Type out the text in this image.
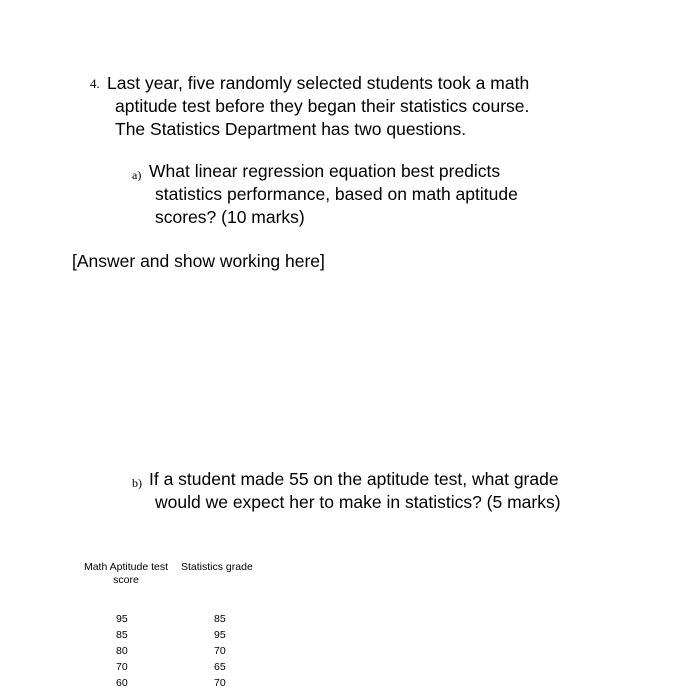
4. Last year, five randomly selected students took a math
aptitude test before they began their statistics course.
The Statistics Department has two questions.
a) What linear regression equation best predicts
statistics performance, based on math aptitude
scores? (10 marks)
[Answer and show working here]
b) If a student made 55 on the aptitude test, what grade
would we expect her to make in statistics? (5 marks)
Math Aptitude test score
Statistics grade
95
85
80
70
60
85
95
70
65
70
